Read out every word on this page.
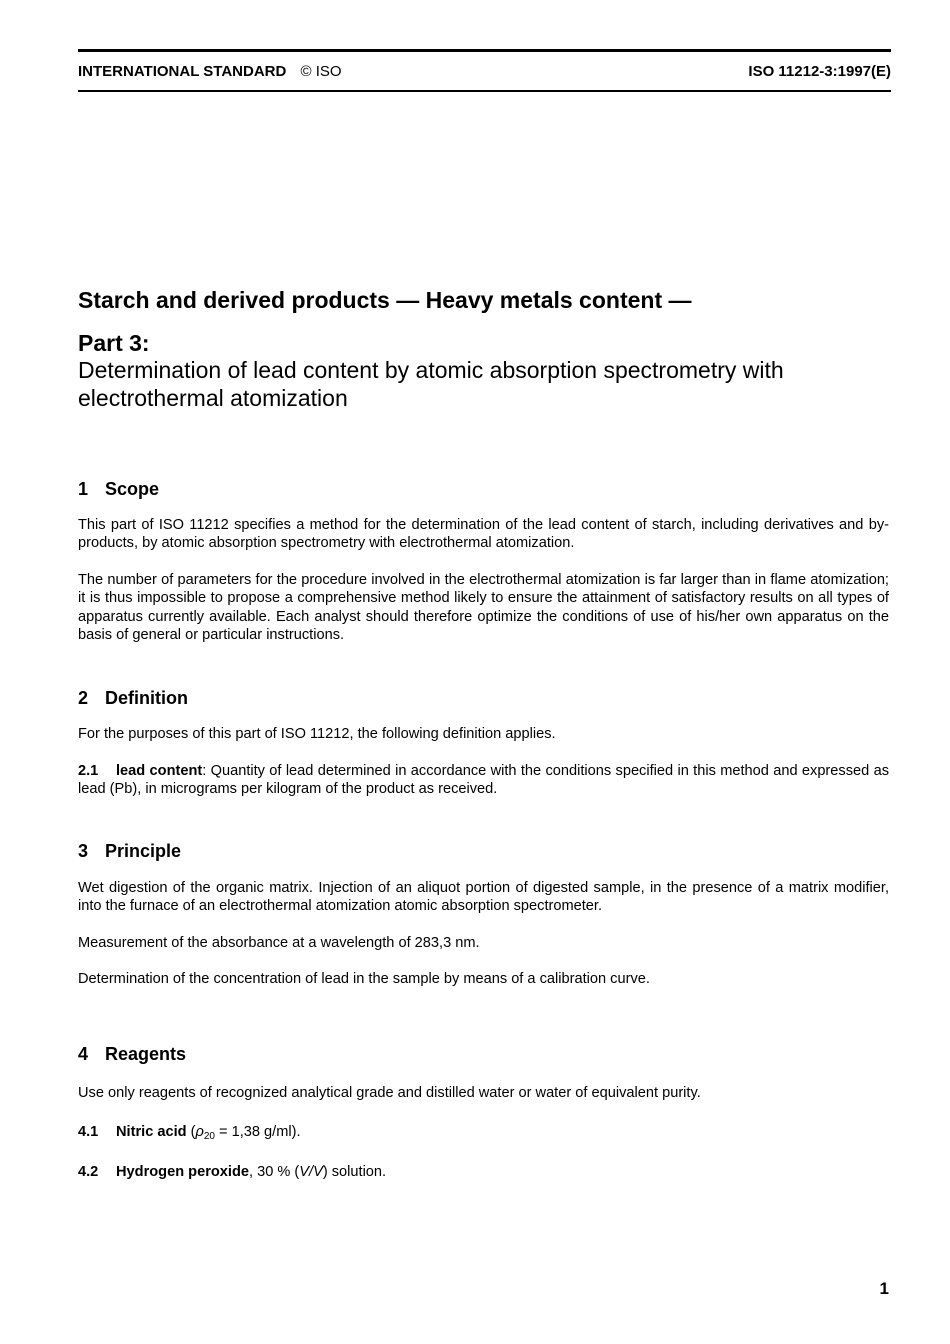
INTERNATIONAL STANDARD © ISO	ISO 11212-3:1997(E)
Starch and derived products — Heavy metals content —
Part 3:
Determination of lead content by atomic absorption spectrometry with electrothermal atomization
1 Scope
This part of ISO 11212 specifies a method for the determination of the lead content of starch, including derivatives and by-products, by atomic absorption spectrometry with electrothermal atomization.
The number of parameters for the procedure involved in the electrothermal atomization is far larger than in flame atomization; it is thus impossible to propose a comprehensive method likely to ensure the attainment of satisfactory results on all types of apparatus currently available. Each analyst should therefore optimize the conditions of use of his/her own apparatus on the basis of general or particular instructions.
2 Definition
For the purposes of this part of ISO 11212, the following definition applies.
2.1 lead content: Quantity of lead determined in accordance with the conditions specified in this method and expressed as lead (Pb), in micrograms per kilogram of the product as received.
3 Principle
Wet digestion of the organic matrix. Injection of an aliquot portion of digested sample, in the presence of a matrix modifier, into the furnace of an electrothermal atomization atomic absorption spectrometer.
Measurement of the absorbance at a wavelength of 283,3 nm.
Determination of the concentration of lead in the sample by means of a calibration curve.
4 Reagents
Use only reagents of recognized analytical grade and distilled water or water of equivalent purity.
4.1 Nitric acid ($\rho_{20} = 1,38$ g/ml).
4.2 Hydrogen peroxide, 30 % (V/V) solution.
1
